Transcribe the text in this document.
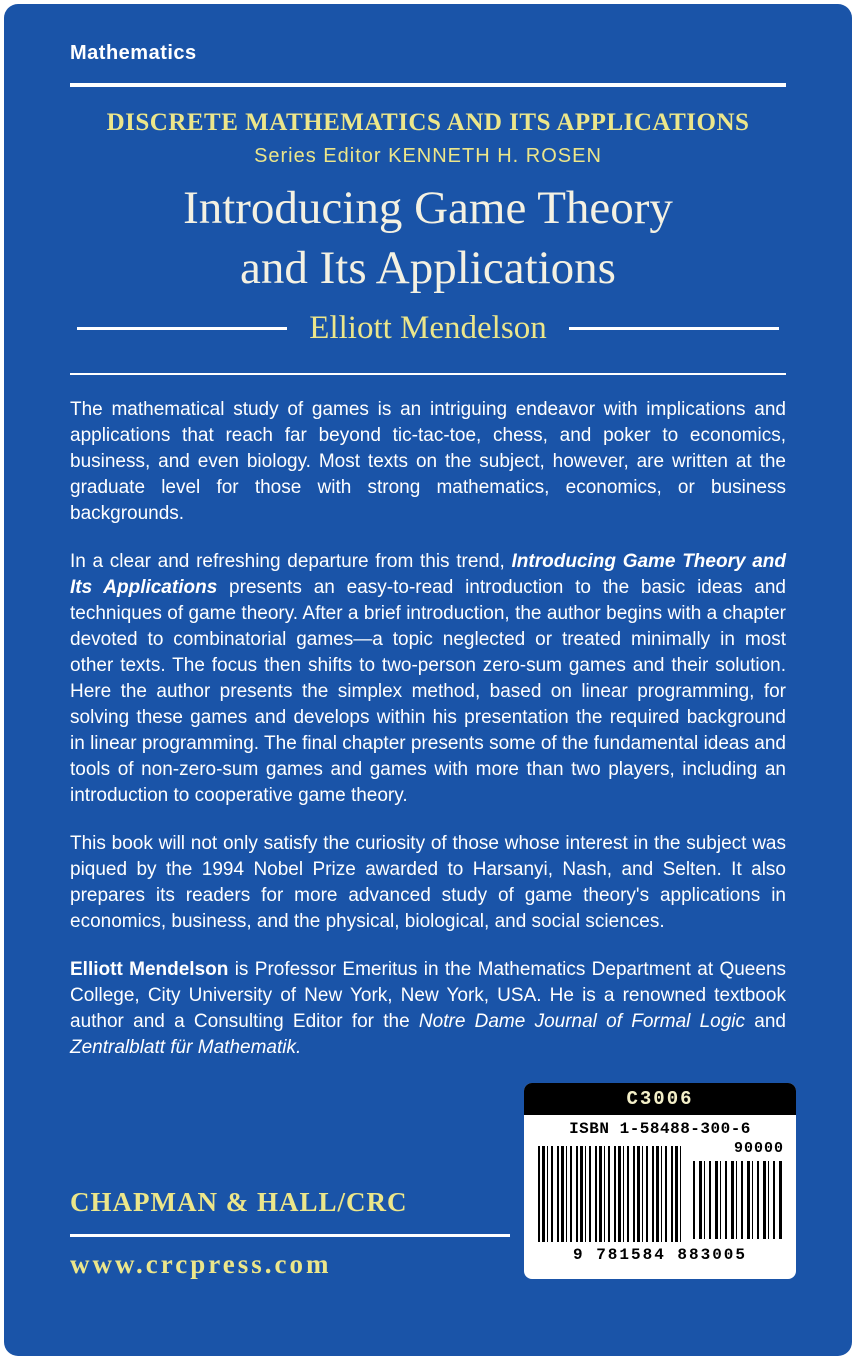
Mathematics
DISCRETE MATHEMATICS AND ITS APPLICATIONS
Series Editor KENNETH H. ROSEN
Introducing Game Theory
and Its Applications
Elliott Mendelson

The mathematical study of games is an intriguing endeavor with implications and applications that reach far beyond tic-tac-toe, chess, and poker to economics, business, and even biology. Most texts on the subject, however, are written at the graduate level for those with strong mathematics, economics, or business backgrounds.

In a clear and refreshing departure from this trend, Introducing Game Theory and Its Applications presents an easy-to-read introduction to the basic ideas and techniques of game theory. After a brief introduction, the author begins with a chapter devoted to combinatorial games—a topic neglected or treated minimally in most other texts. The focus then shifts to two-person zero-sum games and their solution. Here the author presents the simplex method, based on linear programming, for solving these games and develops within his presentation the required background in linear programming. The final chapter presents some of the fundamental ideas and tools of non-zero-sum games and games with more than two players, including an introduction to cooperative game theory.

This book will not only satisfy the curiosity of those whose interest in the subject was piqued by the 1994 Nobel Prize awarded to Harsanyi, Nash, and Selten. It also prepares its readers for more advanced study of game theory's applications in economics, business, and the physical, biological, and social sciences.

Elliott Mendelson is Professor Emeritus in the Mathematics Department at Queens College, City University of New York, New York, USA. He is a renowned textbook author and a Consulting Editor for the Notre Dame Journal of Formal Logic and Zentralblatt für Mathematik.

CHAPMAN & HALL/CRC
www.crcpress.com
C3006
ISBN 1-58488-300-6
90000
9 781584 883005
